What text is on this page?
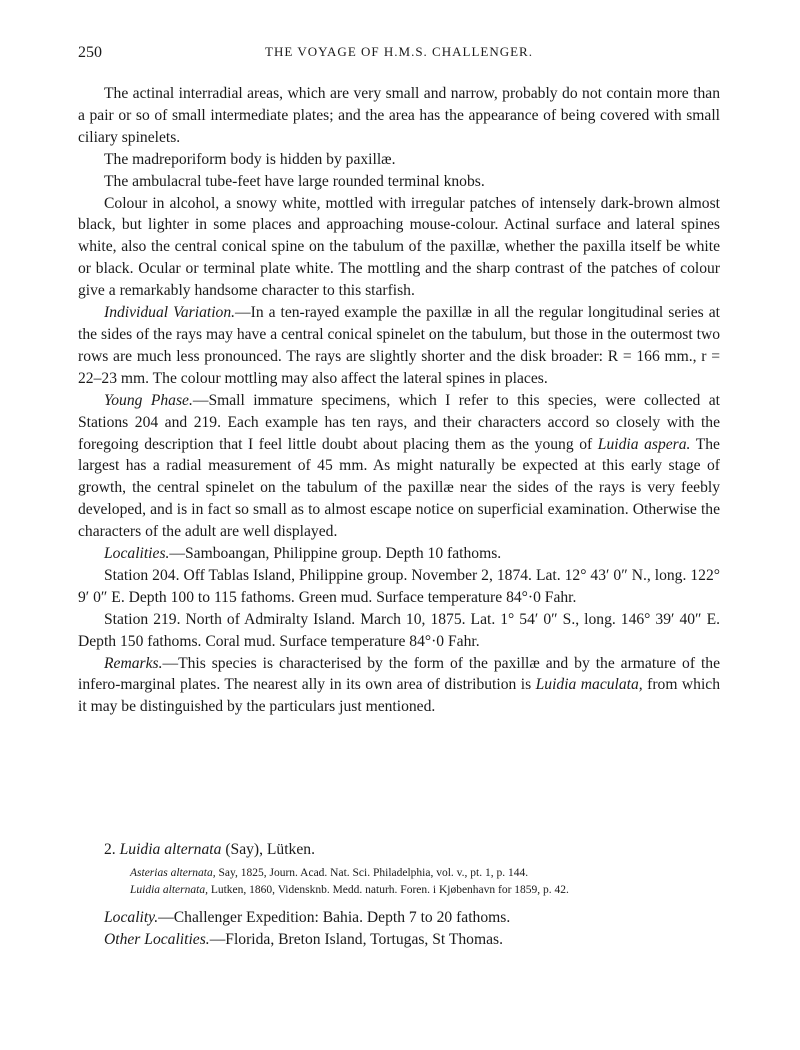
250	THE VOYAGE OF H.M.S. CHALLENGER.

The actinal interradial areas, which are very small and narrow, probably do not contain more than a pair or so of small intermediate plates; and the area has the appearance of being covered with small ciliary spinelets.

The madreporiform body is hidden by paxillæ.

The ambulacral tube-feet have large rounded terminal knobs.

Colour in alcohol, a snowy white, mottled with irregular patches of intensely dark-brown almost black, but lighter in some places and approaching mouse-colour. Actinal surface and lateral spines white, also the central conical spine on the tabulum of the paxillæ, whether the paxilla itself be white or black. Ocular or terminal plate white. The mottling and the sharp contrast of the patches of colour give a remarkably handsome character to this starfish.

Individual Variation.—In a ten-rayed example the paxillæ in all the regular longitudinal series at the sides of the rays may have a central conical spinelet on the tabulum, but those in the outermost two rows are much less pronounced. The rays are slightly shorter and the disk broader: R = 166 mm., r = 22–23 mm. The colour mottling may also affect the lateral spines in places.

Young Phase.—Small immature specimens, which I refer to this species, were collected at Stations 204 and 219. Each example has ten rays, and their characters accord so closely with the foregoing description that I feel little doubt about placing them as the young of Luidia aspera. The largest has a radial measurement of 45 mm. As might naturally be expected at this early stage of growth, the central spinelet on the tabulum of the paxillæ near the sides of the rays is very feebly developed, and is in fact so small as to almost escape notice on superficial examination. Otherwise the characters of the adult are well displayed.

Localities.—Samboangan, Philippine group. Depth 10 fathoms.

Station 204. Off Tablas Island, Philippine group. November 2, 1874. Lat. 12° 43′ 0″ N., long. 122° 9′ 0″ E. Depth 100 to 115 fathoms. Green mud. Surface temperature 84°·0 Fahr.

Station 219. North of Admiralty Island. March 10, 1875. Lat. 1° 54′ 0″ S., long. 146° 39′ 40″ E. Depth 150 fathoms. Coral mud. Surface temperature 84°·0 Fahr.

Remarks.—This species is characterised by the form of the paxillæ and by the armature of the infero-marginal plates. The nearest ally in its own area of distribution is Luidia maculata, from which it may be distinguished by the particulars just mentioned.

2. Luidia alternata (Say), Lütken.

Asterias alternata, Say, 1825, Journ. Acad. Nat. Sci. Philadelphia, vol. v., pt. 1, p. 144.

Luidia alternata, Lutken, 1860, Vidensknb. Medd. naturh. Foren. i Kjøbenhavn for 1859, p. 42.

Locality.—Challenger Expedition: Bahia. Depth 7 to 20 fathoms.

Other Localities.—Florida, Breton Island, Tortugas, St Thomas.
